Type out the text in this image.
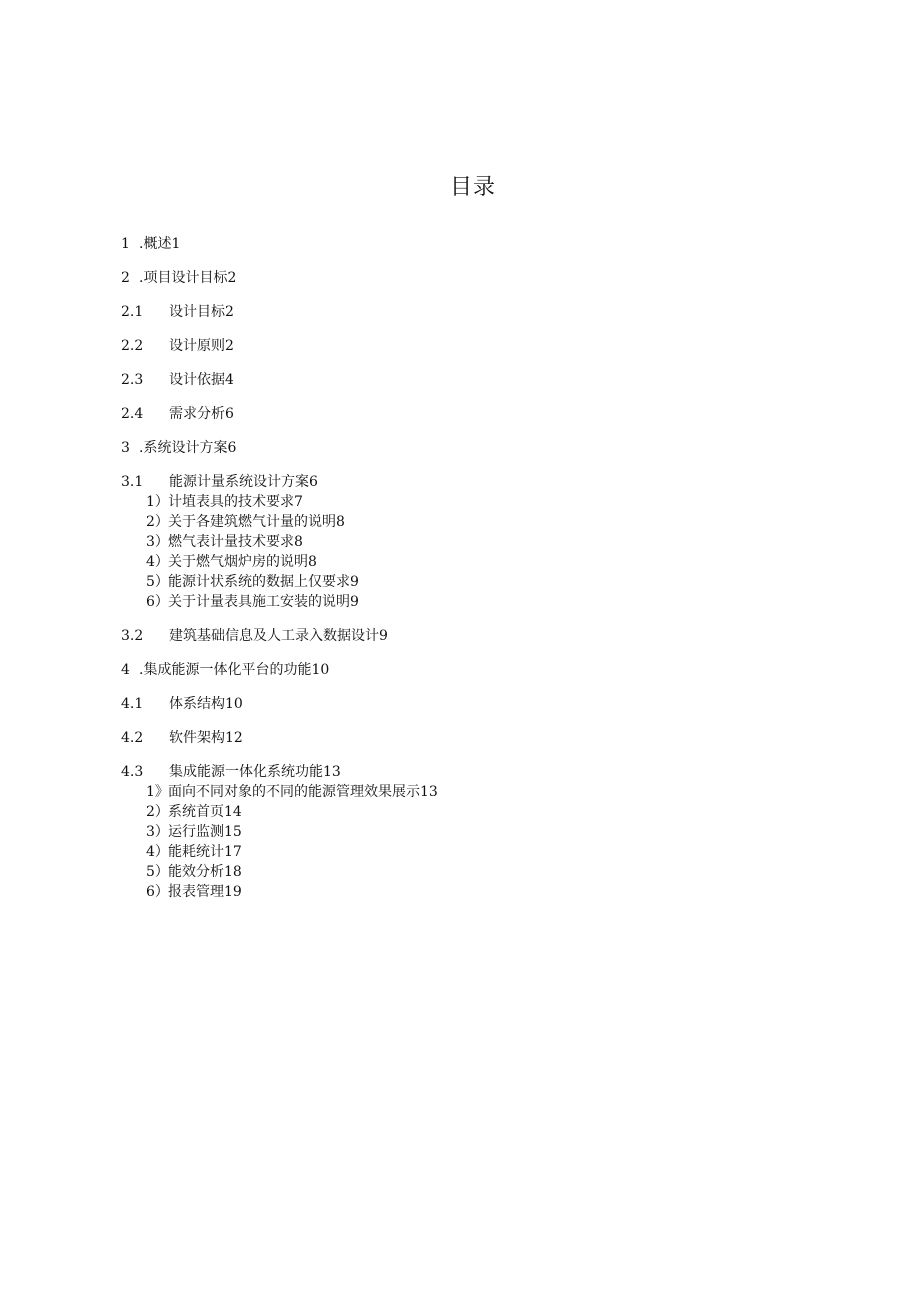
目录
1 .概述1
2 .项目设计目标2
2.1 设计目标2
2.2 设计原则2
2.3 设计依据4
2.4 需求分析6
3 .系统设计方案6
3.1 能源计量系统设计方案6
1）计埴表具的技术要求7
2）关于各建筑燃气计量的说明8
3）燃气表计量技术要求8
4）关于燃气烟炉房的说明8
5）能源计状系统的数据上仅要求9
6）关于计量表具施工安装的说明9
3.2 建筑基础信息及人工录入数据设计9
4 .集成能源一体化平台的功能10
4.1 体系结构10
4.2 软件架构12
4.3 集成能源一体化系统功能13
1》面向不同对象的不同的能源管理效果展示13
2）系统首页14
3）运行监测15
4）能耗统计17
5）能效分析18
6）报表管理19
